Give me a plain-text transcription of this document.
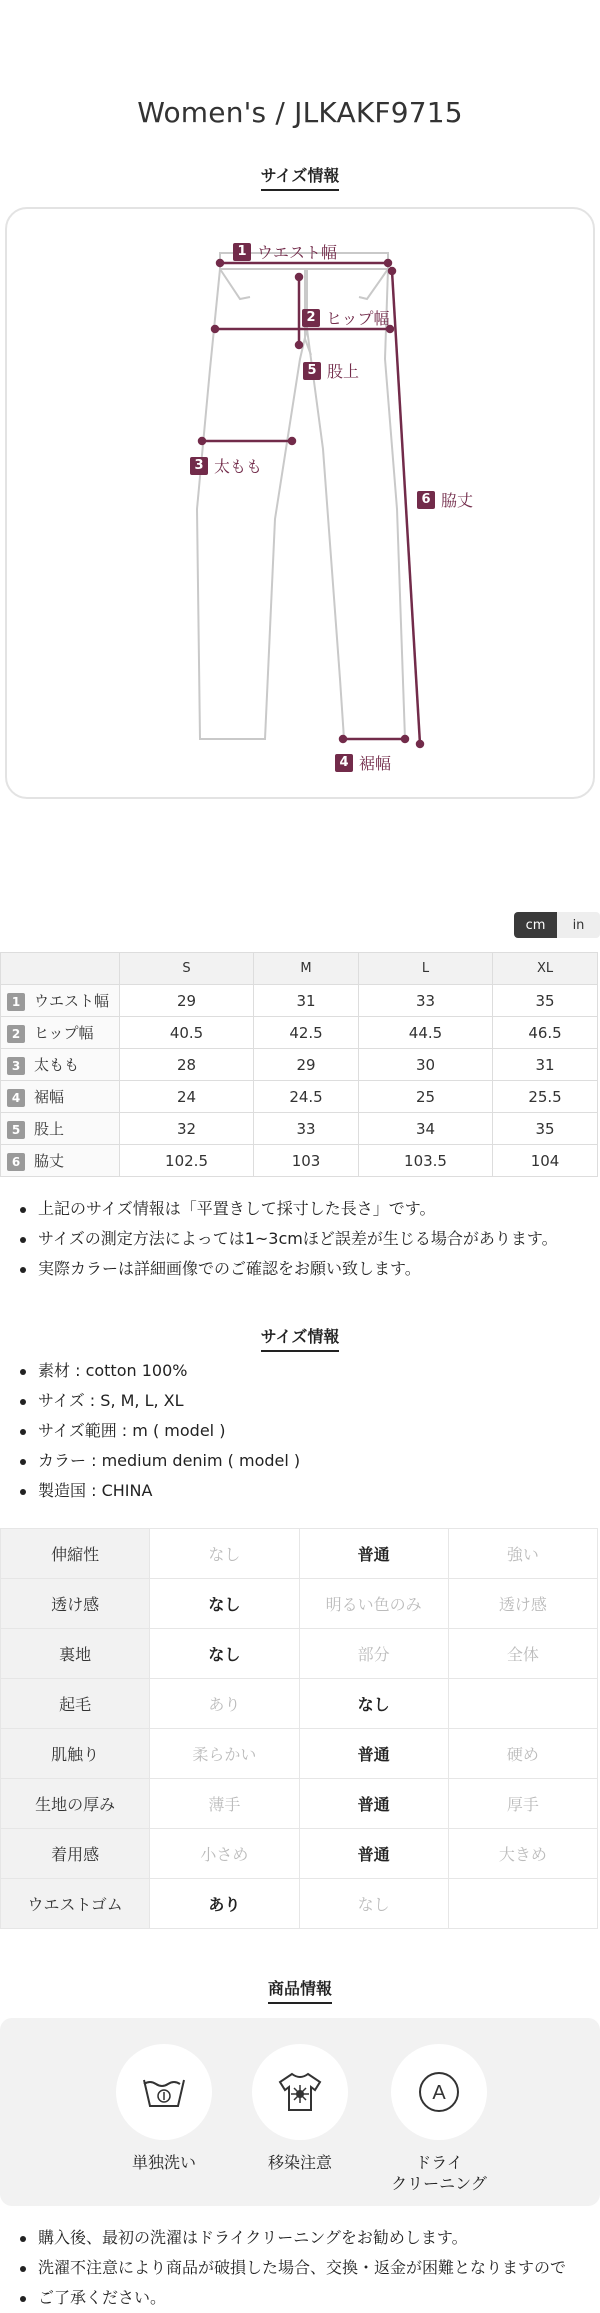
Women's / JLKAKF9715
サイズ情報
1 ウエスト幅
2 ヒップ幅
5 股上
3 太もも
6 脇丈
4 裾幅
cm	in
	S	M	L	XL
1 ウエスト幅	29	31	33	35
2 ヒップ幅	40.5	42.5	44.5	46.5
3 太もも	28	29	30	31
4 裾幅	24	24.5	25	25.5
5 股上	32	33	34	35
6 脇丈	102.5	103	103.5	104
上記のサイズ情報は「平置きして採寸した長さ」です。
サイズの測定方法によっては1~3cmほど誤差が生じる場合があります。
実際カラーは詳細画像でのご確認をお願い致します。
サイズ情報
素材 : cotton 100%
サイズ : S, M, L, XL
サイズ範囲 : m ( model )
カラー : medium denim ( model )
製造国 : CHINA
伸縮性	なし	普通	強い
透け感	なし	明るい色のみ	透け感
裏地	なし	部分	全体
起毛	あり	なし	
肌触り	柔らかい	普通	硬め
生地の厚み	薄手	普通	厚手
着用感	小さめ	普通	大きめ
ウエストゴム	あり	なし	
商品情報
単独洗い	移染注意
A
ドライ
クリーニング
購入後、最初の洗濯はドライクリーニングをお勧めします。
洗濯不注意により商品が破損した場合、交換・返金が困難となりますので
ご了承ください。
